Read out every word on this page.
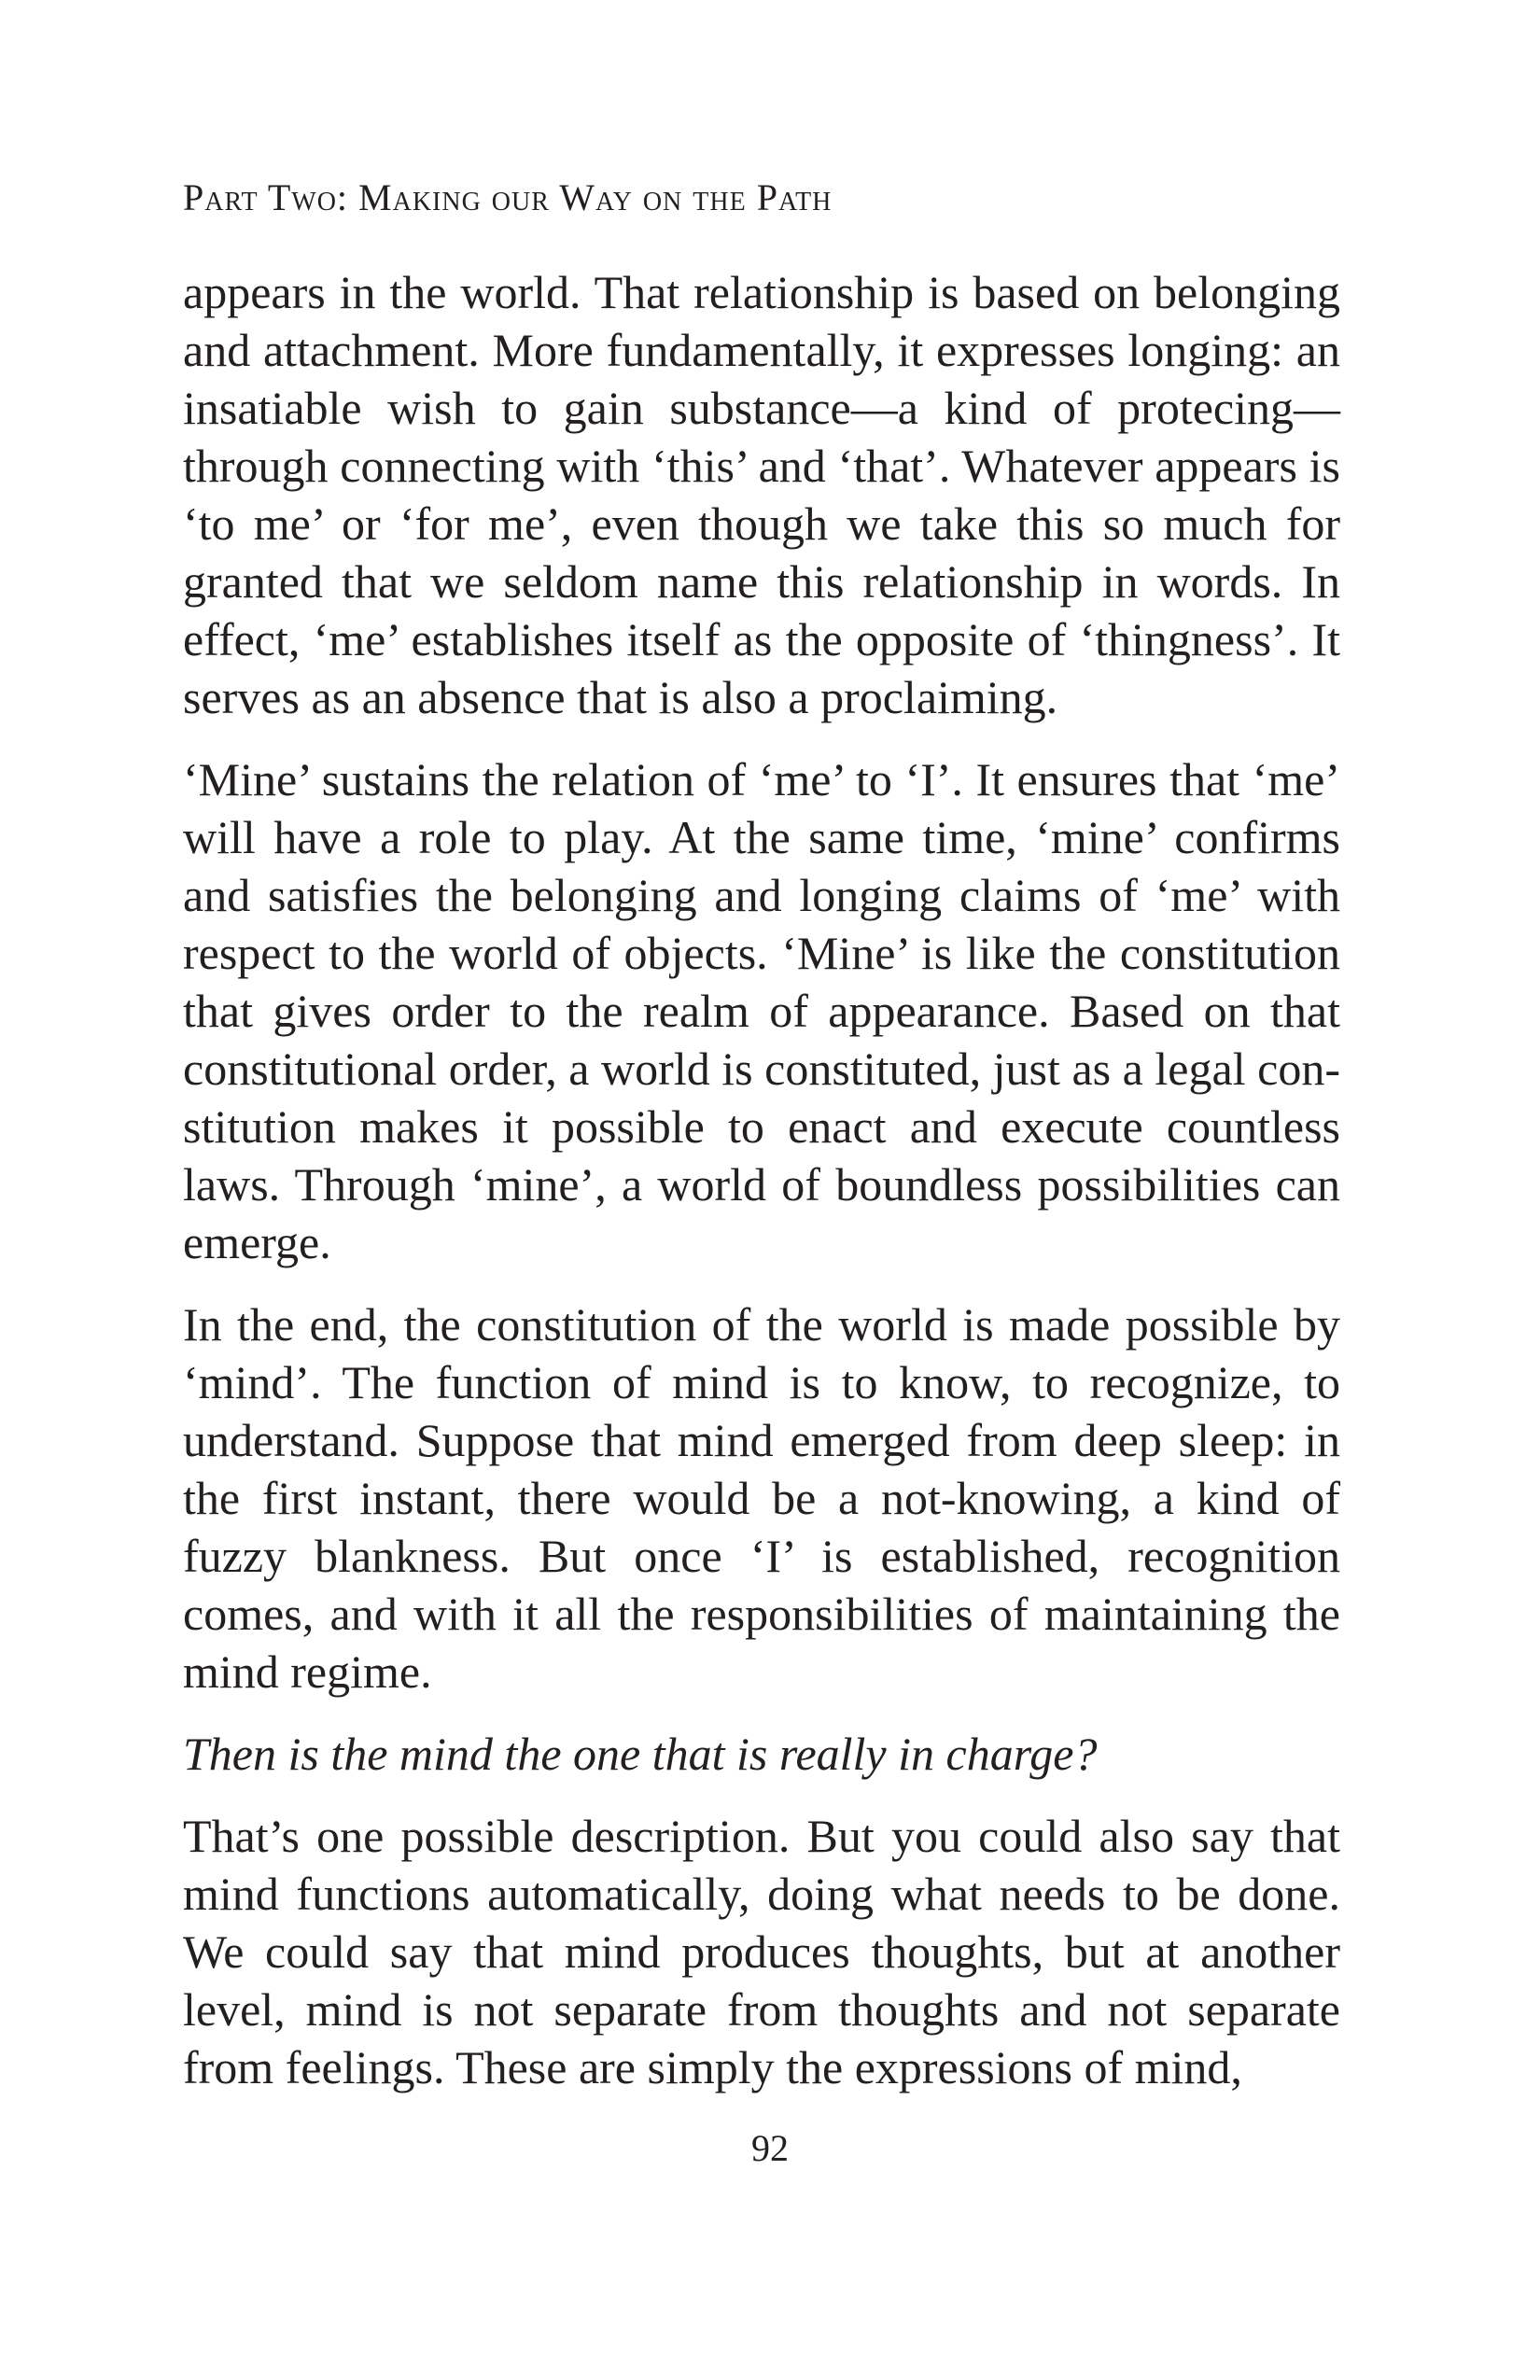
Part Two: Making our Way on the Path

appears in the world. That relationship is based on belonging and attachment. More fundamentally, it expresses longing: an insatiable wish to gain substance—a kind of protecing—through connecting with ‘this’ and ‘that’. Whatever appears is ‘to me’ or ‘for me’, even though we take this so much for granted that we seldom name this relationship in words. In effect, ‘me’ establishes itself as the opposite of ‘thingness’. It serves as an absence that is also a proclaiming.

‘Mine’ sustains the relation of ‘me’ to ‘I’. It ensures that ‘me’ will have a role to play. At the same time, ‘mine’ confirms and satisfies the belonging and longing claims of ‘me’ with respect to the world of objects. ‘Mine’ is like the constitution that gives order to the realm of appearance. Based on that constitutional order, a world is constituted, just as a legal constitution makes it possible to enact and execute countless laws. Through ‘mine’, a world of boundless possibilities can emerge.

In the end, the constitution of the world is made possible by ‘mind’. The function of mind is to know, to recognize, to understand. Suppose that mind emerged from deep sleep: in the first instant, there would be a not-knowing, a kind of fuzzy blankness. But once ‘I’ is established, recognition comes, and with it all the responsibilities of maintaining the mind regime.

Then is the mind the one that is really in charge?

That’s one possible description. But you could also say that mind functions automatically, doing what needs to be done. We could say that mind produces thoughts, but at another level, mind is not separate from thoughts and not separate from feelings. These are simply the expressions of mind,

92
